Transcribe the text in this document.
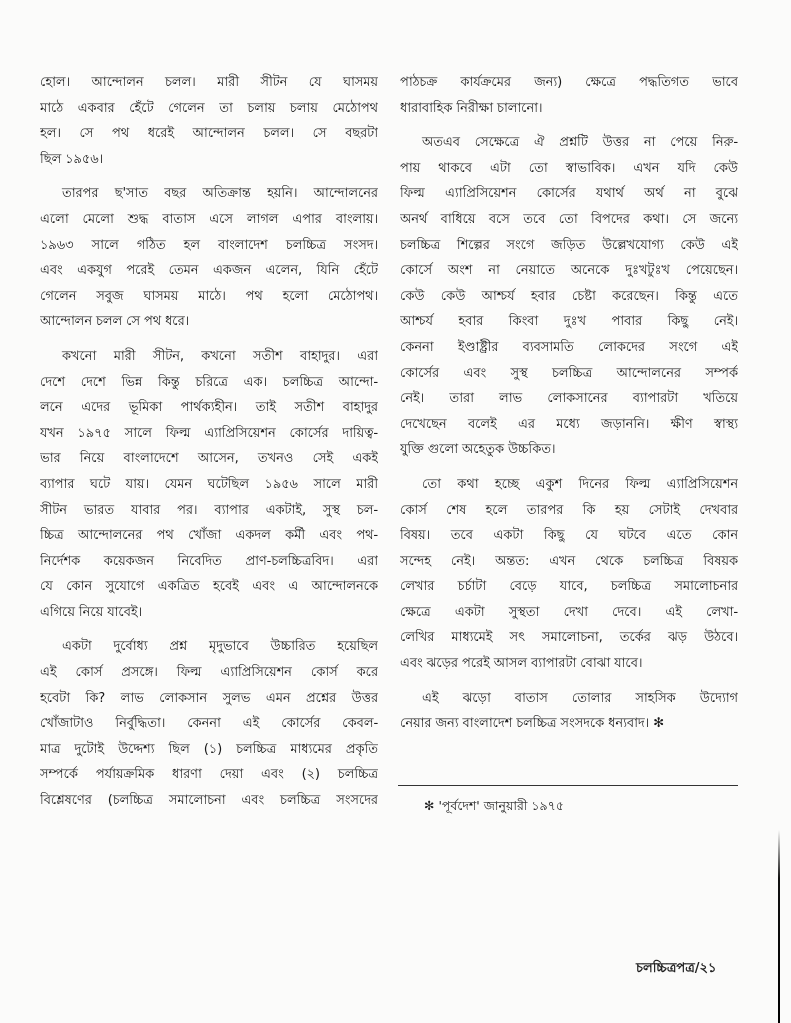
হোল। আন্দোলন চলল। মারী সীটন যে ঘাসময়
মাঠে একবার হেঁটে গেলেন তা চলায় চলায় মেঠোপথ
হল। সে পথ ধরেই আন্দোলন চলল। সে বছরটা
ছিল ১৯৫৬।
তারপর ছ'সাত বছর অতিক্রান্ত হয়নি। আন্দোলনের
এলো মেলো শুদ্ধ বাতাস এসে লাগল এপার বাংলায়।
১৯৬৩ সালে গঠিত হল বাংলাদেশ চলচ্চিত্র সংসদ।
এবং একযুগ পরেই তেমন একজন এলেন, যিনি হেঁটে
গেলেন সবুজ ঘাসময় মাঠে। পথ হলো মেঠোপথ।
আন্দোলন চলল সে পথ ধরে।
কখনো মারী সীটন, কখনো সতীশ বাহাদুর। এরা
দেশে দেশে ভিন্ন কিন্তু চরিত্রে এক। চলচ্চিত্র আন্দো-
লনে এদের ভূমিকা পার্থক্যহীন। তাই সতীশ বাহাদুর
যখন ১৯৭৫ সালে ফিল্ম এ্যাপ্রিসিয়েশন কোর্সের দায়িত্ব-
ভার নিয়ে বাংলাদেশে আসেন, তখনও সেই একই
ব্যাপার ঘটে যায়। যেমন ঘটেছিল ১৯৫৬ সালে মারী
সীটন ভারত যাবার পর। ব্যাপার একটাই, সুস্থ চল-
চ্চিত্র আন্দোলনের পথ খোঁজা একদল কর্মী এবং পথ-
নির্দেশক কয়েকজন নিবেদিত প্রাণ-চলচ্চিত্রবিদ। এরা
যে কোন সুযোগে একত্রিত হবেই এবং এ আন্দোলনকে
এগিয়ে নিয়ে যাবেই।
একটা দুর্বোধ্য প্রশ্ন মৃদুভাবে উচ্চারিত হয়েছিল
এই কোর্স প্রসঙ্গে। ফিল্ম এ্যাপ্রিসিয়েশন কোর্স করে
হবেটা কি? লাভ লোকসান সুলভ এমন প্রশ্নের উত্তর
খোঁজাটাও নির্বুদ্ধিতা। কেননা এই কোর্সের কেবল-
মাত্র দুটোই উদ্দেশ্য ছিল (১) চলচ্চিত্র মাধ্যমের প্রকৃতি
সম্পর্কে পর্যায়ক্রমিক ধারণা দেয়া এবং (২) চলচ্চিত্র
বিশ্লেষণের (চলচ্চিত্র সমালোচনা এবং চলচ্চিত্র সংসদের
পাঠচক্র কার্যক্রমের জন্য) ক্ষেত্রে পদ্ধতিগত ভাবে
ধারাবাহিক নিরীক্ষা চালানো।
অতএব সেক্ষেত্রে ঐ প্রশ্নটি উত্তর না পেয়ে নিরু-
পায় থাকবে এটা তো স্বাভাবিক। এখন যদি কেউ
ফিল্ম এ্যাপ্রিসিয়েশন কোর্সের যথার্থ অর্থ না বুঝে
অনর্থ বাধিয়ে বসে তবে তো বিপদের কথা। সে জন্যে
চলচ্চিত্র শিল্পের সংগে জড়িত উল্লেখযোগ্য কেউ এই
কোর্সে অংশ না নেয়াতে অনেকে দুঃখটুঃখ পেয়েছেন।
কেউ কেউ আশ্চর্য হবার চেষ্টা করেছেন। কিন্তু এতে
আশ্চর্য হবার কিংবা দুঃখ পাবার কিছু নেই।
কেননা ইণ্ডাষ্ট্রীর ব্যবসামতি লোকদের সংগে এই
কোর্সের এবং সুস্থ চলচ্চিত্র আন্দোলনের সম্পর্ক
নেই। তারা লাভ লোকসানের ব্যাপারটা খতিয়ে
দেখেছেন বলেই এর মধ্যে জড়াননি। ক্ষীণ স্বাস্থ্য
যুক্তি গুলো অহেতুক উচ্চকিত।
তো কথা হচ্ছে একুশ দিনের ফিল্ম এ্যাপ্রিসিয়েশন
কোর্স শেষ হলে তারপর কি হয় সেটাই দেখবার
বিষয়। তবে একটা কিছু যে ঘটবে এতে কোন
সন্দেহ নেই। অন্তত: এখন থেকে চলচ্চিত্র বিষয়ক
লেখার চর্চাটা বেড়ে যাবে, চলচ্চিত্র সমালোচনার
ক্ষেত্রে একটা সুস্থতা দেখা দেবে। এই লেখা-
লেখির মাধ্যমেই সৎ সমালোচনা, তর্কের ঝড় উঠবে।
এবং ঝড়ের পরেই আসল ব্যাপারটা বোঝা যাবে।
এই ঝড়ো বাতাস তোলার সাহসিক উদ্যোগ
নেয়ার জন্য বাংলাদেশ চলচ্চিত্র সংসদকে ধন্যবাদ। ✻
✻ 'পূর্বদেশ' জানুয়ারী ১৯৭৫
চলচ্চিত্রপত্র/২১
